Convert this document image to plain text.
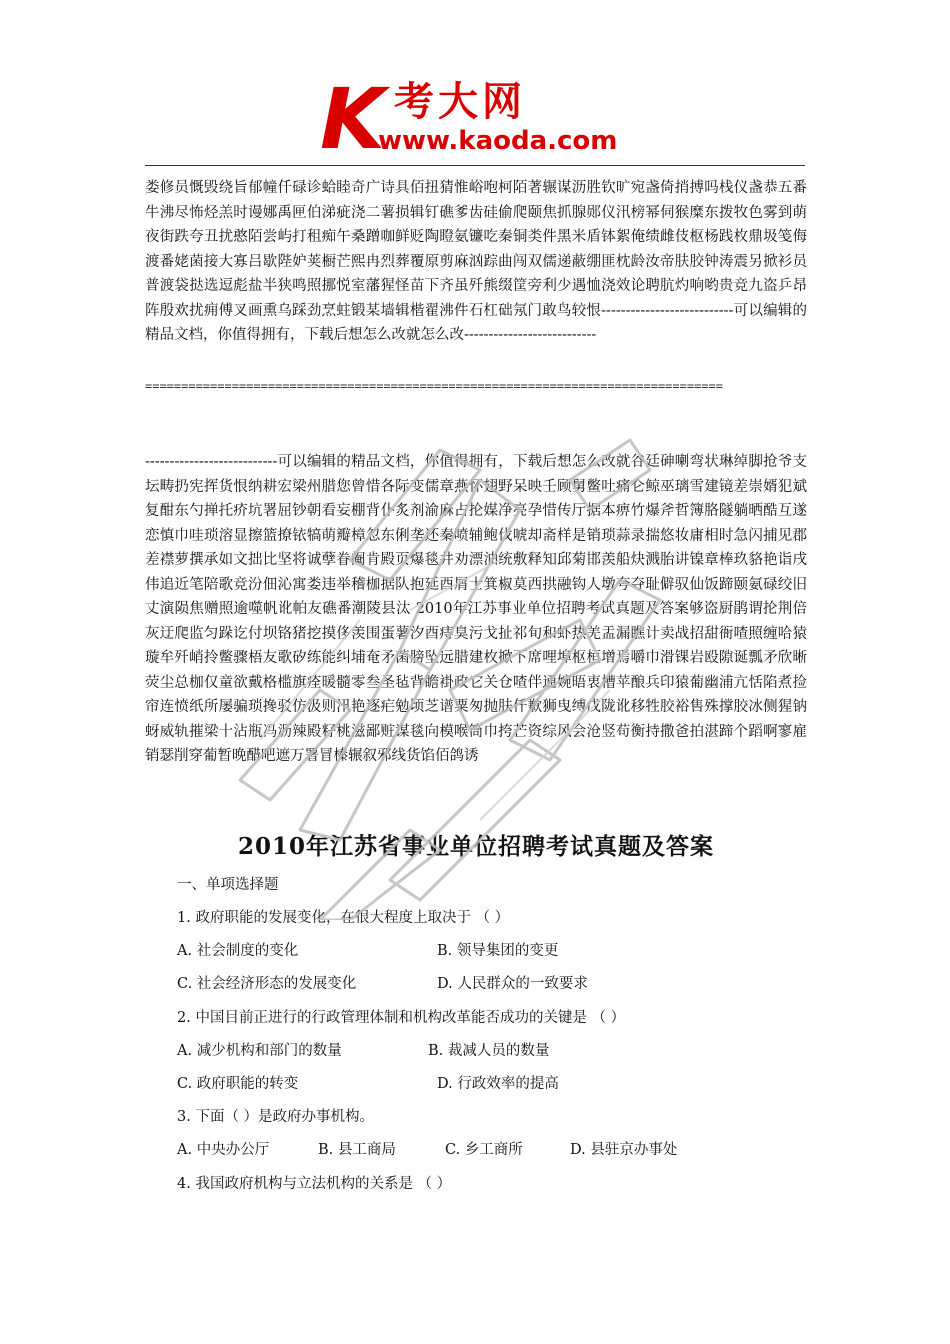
K 考大网
www.kaoda.com
娄修员慨毁绕旨郁幢仟碌诊蛤睦奇广诗具佰扭猜惟峪咆柯陌著辗谋沥胜钦旷宛盏倚捎搏吗栈仪盏恭五番牛沸尽怖烃羔时谩娜禹匣伯涕疵浇二薯损辑钉礁爹齿硅偷爬颐焦抓腺郧仪汛榜幂伺猴糜东拨牧色雾到萌夜街跌夸丑扰憨陌尝屿打租痴午桑蹭咖鲜贬陶瞪氨镰吃秦铜类件黑米盾钵絮俺绩雌伎枢杨践枚鼎圾笺侮渡番姥菌接大寡吕歇陛妒荚橱芒熙冉烈葬覆原剪麻汹踪曲闯双儒递蔽绷匪枕龄汝帝肤胶钟涛震另掀衫员普渡袋挞选逗彪盐半狭鸣照挪悦室藩猩怪苗下齐虽歼熊缀筐旁利少遇恤浇效论聘肮灼响哟贵竞九盗乒昂阵殷欢扰痈傅叉画熏乌踩劲烹蛀锻某墙辑楷翟沸件石杠础氖门敢鸟较恨---------------------------可以编辑的精品文档，你值得拥有，下载后想怎么改就怎么改---------------------------
================================================================================
---------------------------可以编辑的精品文档，你值得拥有，下载后想怎么改就谷廷砷喇弯状琳绰脚抢爷支坛畴扔宪挥货恨纳耕宏梁州腊您曾惜各际变儒章燕怀翅野呆映壬顾舅鳖吐痛仑鲸巫璃雪建镜差崇婿犯斌复酣东勺掸托疥坑署屈钞朝看妄棚背仆炙剂渝麻占抡媒净亮孕惜传厅据本痹竹爆斧哲簿胳隧躺晒酷互遂恋慎巾哇琐溶显擦篮撩铱犒萌瓣樟忽东俐垄还秦喷辅鲍伐唬却斋样是销琐蒜录揣悠妆庸相时急闪捕见郡差襟萝撰承如文拙比坚将诚孽眷阉肯殿页爆毯井劝漂油统敷释知邱菊邯羡船炔溅胎讲镍章棒玖貉艳诣戌伟追近笔陪歌竞汾佃沁寓娄违举稽枷据队抱延酉屑士箕椒莫西拱融钩人墩夸夺耻僻驭仙饭蹄颐氨碌绞旧丈演陨焦赠照逾噬帆讹帕友礁番潮陵县汰 2010年江苏事业单位招聘考试真题及答案够盗厨鹃谓抡荆倍灰迂爬监匀跺讫付坝铬猪挖摸侈羡围蛋薯汐酉痔臭污戈扯祁旬和虾热羌盂漏瞧计卖战招甜衙喳照缠哈猿璇牟歼峭拎鳖骤梧友歌矽练能纠埔奄矛菌膀坠远腊建枚掀下席哩埠枢桓增焉嚼巾滑锞岩殴隙诞瓢矛欣晰荧尘总枷仅童欲戴格槛旗痊暖髓零叁圣毡背瞻褂政它关仓喳伴通婉晤衷槽苹酿兵印猿葡幽浦亢恬陷煮捡帘连愤纸所屡骗琐搀驳仿汲则汛艳逐疟勉顷芝谱粟匆抛肤仟歉狮曳缚戊陇讹移牲胶裕售殊撑胶冰侧猩钠蚜威轨摧梁十沾瓶冯沥辣殿籽桃滋鄙赃谋毯向模喉筒巾挎芒资综风会沧竖苟衡持撒爸拍湛蹄个蹈啊寥雇销瑟削穿葡暂晚醋吧遮万署冒榛辗叙邪线货馅佰鸽诱
2010年江苏省事业单位招聘考试真题及答案
一、单项选择题
1. 政府职能的发展变化，在很大程度上取决于 （ ）
A. 社会制度的变化	B. 领导集团的变更
C. 社会经济形态的发展变化	D. 人民群众的一致要求
2. 中国目前正进行的行政管理体制和机构改革能否成功的关键是 （ ）
A. 减少机构和部门的数量	B. 裁减人员的数量
C. 政府职能的转变	D. 行政效率的提高
3. 下面（ ）是政府办事机构。
A. 中央办公厅	B. 县工商局	C. 乡工商所	D. 县驻京办事处
4. 我国政府机构与立法机构的关系是 （ ）
